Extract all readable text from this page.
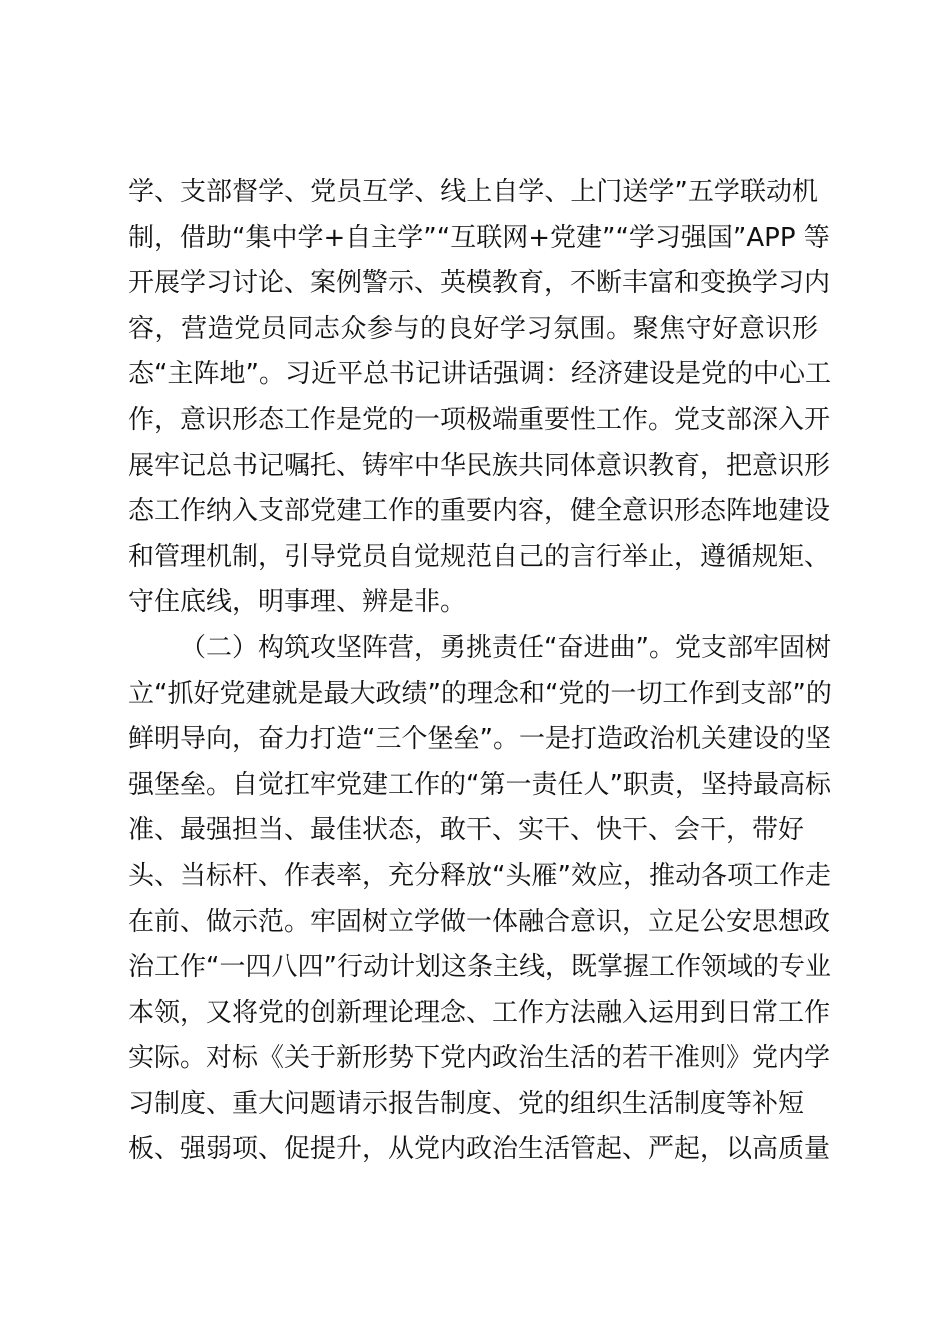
学、支部督学、党员互学、线上自学、上门送学”五学联动机
制，借助“集中学+自主学”“互联网+党建”“学习强国”APP 等
开展学习讨论、案例警示、英模教育，不断丰富和变换学习内
容，营造党员同志众参与的良好学习氛围。聚焦守好意识形
态“主阵地”。习近平总书记讲话强调：经济建设是党的中心工
作，意识形态工作是党的一项极端重要性工作。党支部深入开
展牢记总书记嘱托、铸牢中华民族共同体意识教育，把意识形
态工作纳入支部党建工作的重要内容，健全意识形态阵地建设
和管理机制，引导党员自觉规范自己的言行举止，遵循规矩、
守住底线，明事理、辨是非。
（二）构筑攻坚阵营，勇挑责任“奋进曲”。党支部牢固树
立“抓好党建就是最大政绩”的理念和“党的一切工作到支部”的
鲜明导向，奋力打造“三个堡垒”。一是打造政治机关建设的坚
强堡垒。自觉扛牢党建工作的“第一责任人”职责，坚持最高标
准、最强担当、最佳状态，敢干、实干、快干、会干，带好
头、当标杆、作表率，充分释放“头雁”效应，推动各项工作走
在前、做示范。牢固树立学做一体融合意识，立足公安思想政
治工作“一四八四”行动计划这条主线，既掌握工作领域的专业
本领，又将党的创新理论理念、工作方法融入运用到日常工作
实际。对标《关于新形势下党内政治生活的若干准则》党内学
习制度、重大问题请示报告制度、党的组织生活制度等补短
板、强弱项、促提升，从党内政治生活管起、严起，以高质量
